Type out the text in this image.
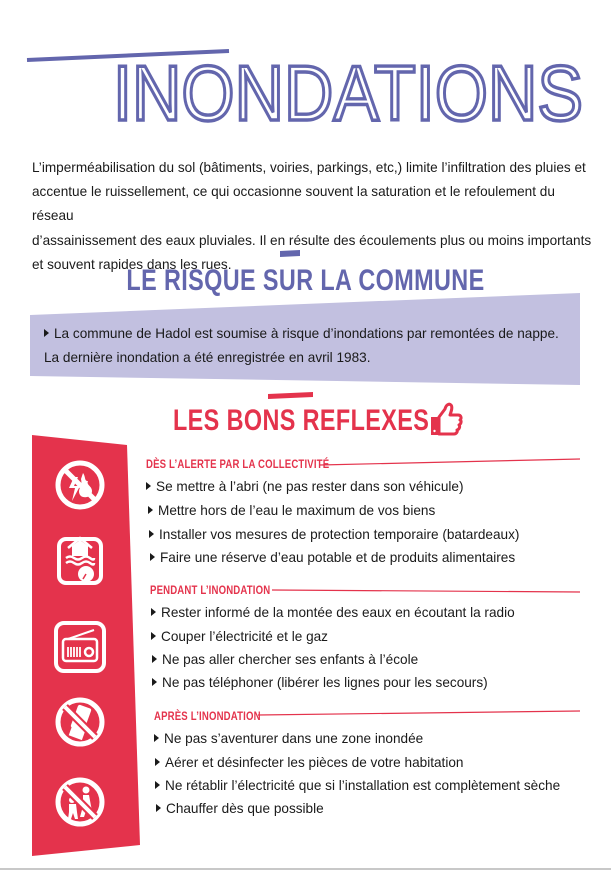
INONDATIONS
L’imperméabilisation du sol (bâtiments, voiries, parkings, etc,) limite l’infiltration des pluies et
accentue le ruissellement, ce qui occasionne souvent la saturation et le refoulement du réseau
d’assainissement des eaux pluviales. Il en résulte des écoulements plus ou moins importants
et souvent rapides dans les rues.
LE RISQUE SUR LA COMMUNE
La commune de Hadol est soumise à risque d’inondations par remontées de nappe.
La dernière inondation a été enregistrée en avril 1983.
LES BONS REFLEXES
DÈS L’ALERTE PAR LA COLLECTIVITÉ
Se mettre à l’abri (ne pas rester dans son véhicule)
Mettre hors de l’eau le maximum de vos biens
Installer vos mesures de protection temporaire (batardeaux)
Faire une réserve d’eau potable et de produits alimentaires
PENDANT L’INONDATION
Rester informé de la montée des eaux en écoutant la radio
Couper l’électricité et le gaz
Ne pas aller chercher ses enfants à l’école
Ne pas téléphoner (libérer les lignes pour les secours)
APRÈS L’INONDATION
Ne pas s’aventurer dans une zone inondée
Aérer et désinfecter les pièces de votre habitation
Ne rétablir l’électricité que si l’installation est complètement sèche
Chauffer dès que possible
